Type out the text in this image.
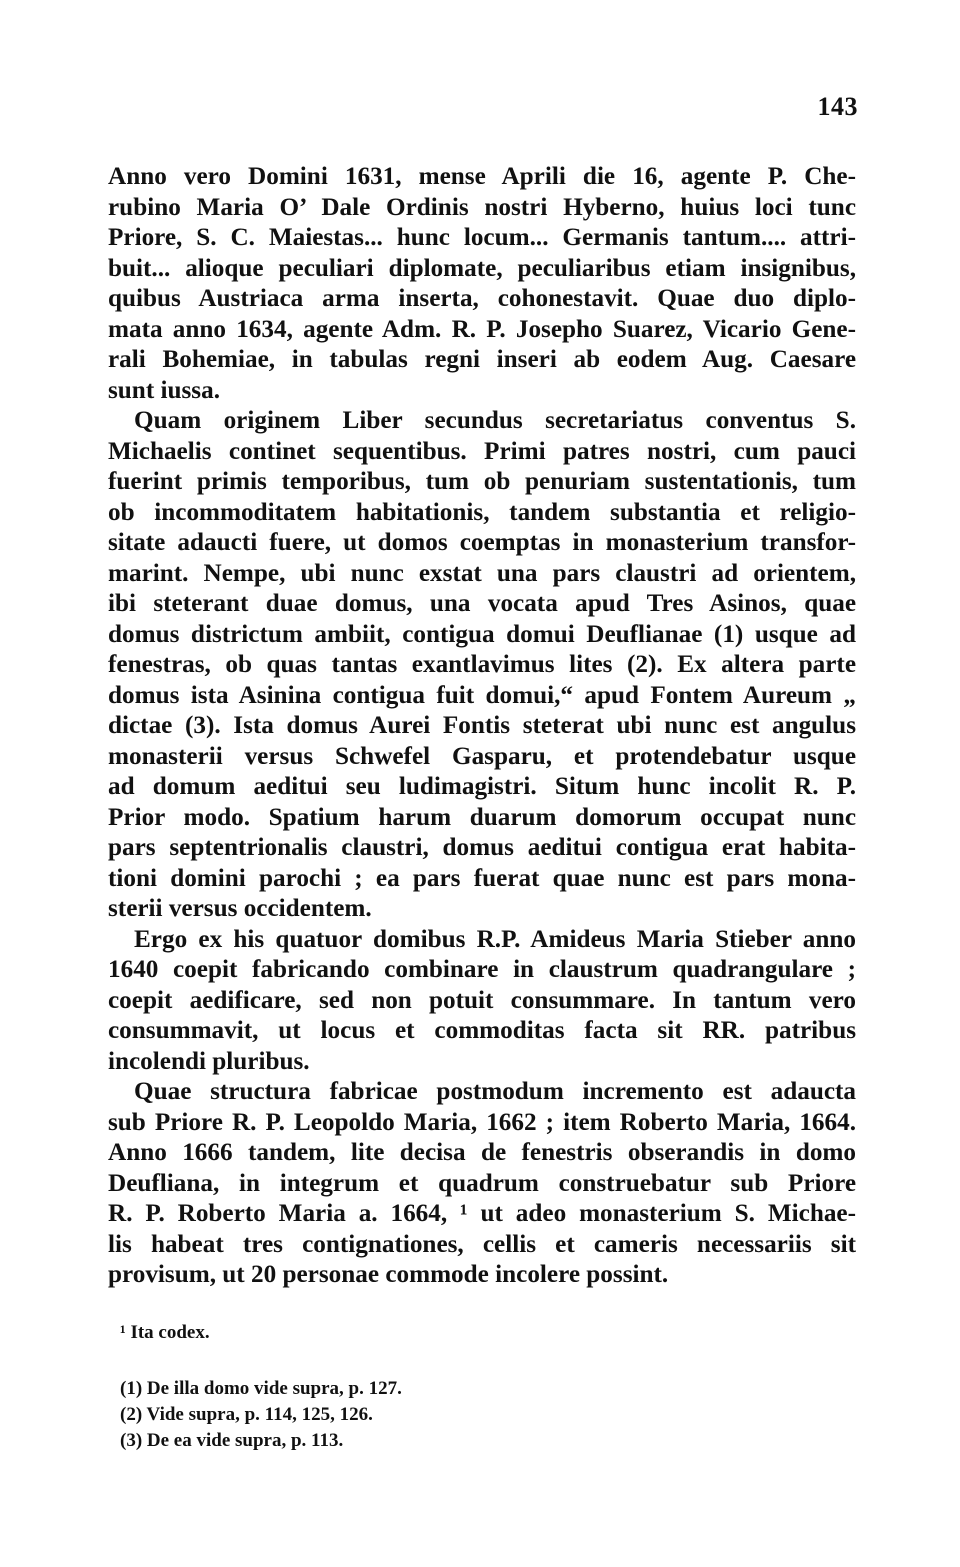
143
Anno vero Domini 1631, mense Aprili die 16, agente P. Che-
rubino Maria O’ Dale Ordinis nostri Hyberno, huius loci tunc
Priore, S. C. Maiestas... hunc locum... Germanis tantum.... attri-
buit... alioque peculiari diplomate, peculiaribus etiam insignibus,
quibus Austriaca arma inserta, cohonestavit. Quae duo diplo-
mata anno 1634, agente Adm. R. P. Josepho Suarez, Vicario Gene-
rali Bohemiae, in tabulas regni inseri ab eodem Aug. Caesare
sunt iussa.
Quam originem Liber secundus secretariatus conventus S.
Michaelis continet sequentibus. Primi patres nostri, cum pauci
fuerint primis temporibus, tum ob penuriam sustentationis, tum
ob incommoditatem habitationis, tandem substantia et religio-
sitate adaucti fuere, ut domos coemptas in monasterium transfor-
marint. Nempe, ubi nunc exstat una pars claustri ad orientem,
ibi steterant duae domus, una vocata apud Tres Asinos, quae
domus districtum ambiit, contigua domui Deuflianae (1) usque ad
fenestras, ob quas tantas exantlavimus lites (2). Ex altera parte
domus ista Asinina contigua fuit domui,“ apud Fontem Aureum „
dictae (3). Ista domus Aurei Fontis steterat ubi nunc est angulus
monasterii versus Schwefel Gasparu, et protendebatur usque
ad domum aeditui seu ludimagistri. Situm hunc incolit R. P.
Prior modo. Spatium harum duarum domorum occupat nunc
pars septentrionalis claustri, domus aeditui contigua erat habita-
tioni domini parochi ; ea pars fuerat quae nunc est pars mona-
sterii versus occidentem.
Ergo ex his quatuor domibus R.P. Amideus Maria Stieber anno
1640 coepit fabricando combinare in claustrum quadrangulare ;
coepit aedificare, sed non potuit consummare. In tantum vero
consummavit, ut locus et commoditas facta sit RR. patribus
incolendi pluribus.
Quae structura fabricae postmodum incremento est adaucta
sub Priore R. P. Leopoldo Maria, 1662 ; item Roberto Maria, 1664.
Anno 1666 tandem, lite decisa de fenestris obserandis in domo
Deufliana, in integrum et quadrum construebatur sub Priore
R. P. Roberto Maria a. 1664, ¹ ut adeo monasterium S. Michae-
lis habeat tres contignationes, cellis et cameris necessariis sit
provisum, ut 20 personae commode incolere possint.
¹ Ita codex.
(1) De illa domo vide supra, p. 127.
(2) Vide supra, p. 114, 125, 126.
(3) De ea vide supra, p. 113.
